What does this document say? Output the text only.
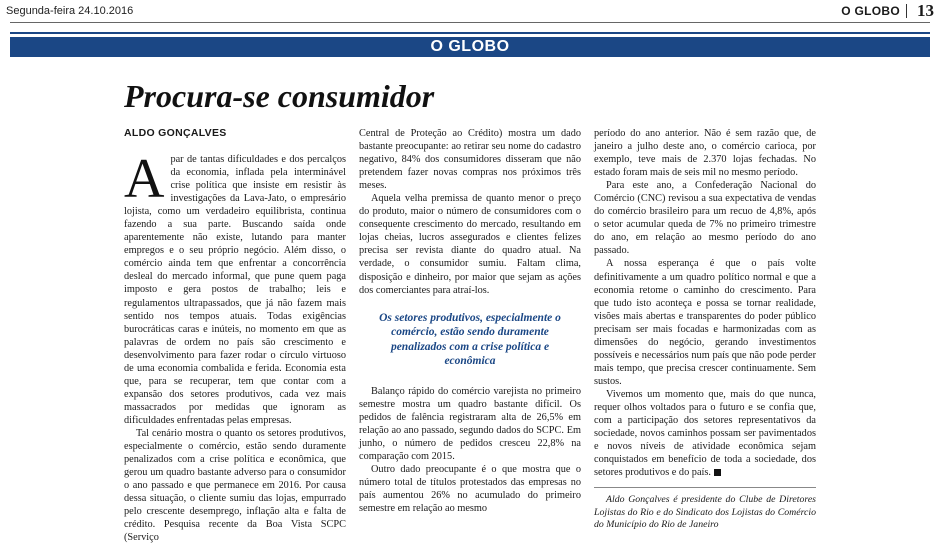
Segunda-feira 24.10.2016	O GLOBO 13
O GLOBO
Procura-se consumidor
ALDO GONÇALVES

Apar de tantas dificuldades e dos percalços da economia, inflada pela interminável crise política que insiste em resistir às investigações da Lava-Jato, o empresário lojista, como um verdadeiro equilibrista, continua fazendo a sua parte. Buscando saída onde aparentemente não existe, lutando para manter empregos e o seu próprio negócio. Além disso, o comércio ainda tem que enfrentar a concorrência desleal do mercado informal, que pune quem paga imposto e gera postos de trabalho; leis e regulamentos ultrapassados, que já não fazem mais sentido nos tempos atuais. Todas exigências burocráticas caras e inúteis, no momento em que as palavras de ordem no país são crescimento e desenvolvimento para fazer rodar o círculo virtuoso de uma economia combalida e ferida. Economia esta que, para se recuperar, tem que contar com a expansão dos setores produtivos, cada vez mais massacrados por medidas que ignoram as dificuldades enfrentadas pelas empresas.

Tal cenário mostra o quanto os setores produtivos, especialmente o comércio, estão sendo duramente penalizados com a crise política e econômica, que gerou um quadro bastante adverso para o consumidor o ano passado e que permanece em 2016. Por causa dessa situação, o cliente sumiu das lojas, empurrado pelo crescente desemprego, inflação alta e falta de crédito. Pesquisa recente da Boa Vista SCPC (Serviço

Central de Proteção ao Crédito) mostra um dado bastante preocupante: ao retirar seu nome do cadastro negativo, 84% dos consumidores disseram que não pretendem fazer novas compras nos próximos três meses.

Aquela velha premissa de quanto menor o preço do produto, maior o número de consumidores com o consequente crescimento do mercado, resultando em lojas cheias, lucros assegurados e clientes felizes precisa ser revista diante do quadro atual. Na verdade, o consumidor sumiu. Faltam clima, disposição e dinheiro, por maior que sejam as ações dos comerciantes para atraí-los.

Os setores produtivos, especialmente o comércio, estão sendo duramente penalizados com a crise política e econômica

Balanço rápido do comércio varejista no primeiro semestre mostra um quadro bastante difícil. Os pedidos de falência registraram alta de 26,5% em relação ao ano passado, segundo dados do SCPC. Em junho, o número de pedidos cresceu 22,8% na comparação com 2015.

Outro dado preocupante é o que mostra que o número total de títulos protestados das empresas no país aumentou 26% no acumulado do primeiro semestre em relação ao mesmo

período do ano anterior. Não é sem razão que, de janeiro a julho deste ano, o comércio carioca, por exemplo, teve mais de 2.370 lojas fechadas. No estado foram mais de seis mil no mesmo período.

Para este ano, a Confederação Nacional do Comércio (CNC) revisou a sua expectativa de vendas do comércio brasileiro para um recuo de 4,8%, após o setor acumular queda de 7% no primeiro trimestre do ano, em relação ao mesmo período do ano passado.

A nossa esperança é que o país volte definitivamente a um quadro político normal e que a economia retome o caminho do crescimento. Para que tudo isto aconteça e possa se tornar realidade, visões mais abertas e transparentes do poder público precisam ser mais focadas e harmonizadas com as dimensões do negócio, gerando investimentos possíveis e necessários num país que não pode perder mais tempo, que precisa crescer continuamente. Sem sustos.

Vivemos um momento que, mais do que nunca, requer olhos voltados para o futuro e se confia que, com a participação dos setores representativos da sociedade, novos caminhos possam ser pavimentados e novos níveis de atividade econômica sejam conquistados em benefício de toda a sociedade, dos setores produtivos e do país.

Aldo Gonçalves é presidente do Clube de Diretores Lojistas do Rio e do Sindicato dos Lojistas do Comércio do Município do Rio de Janeiro
